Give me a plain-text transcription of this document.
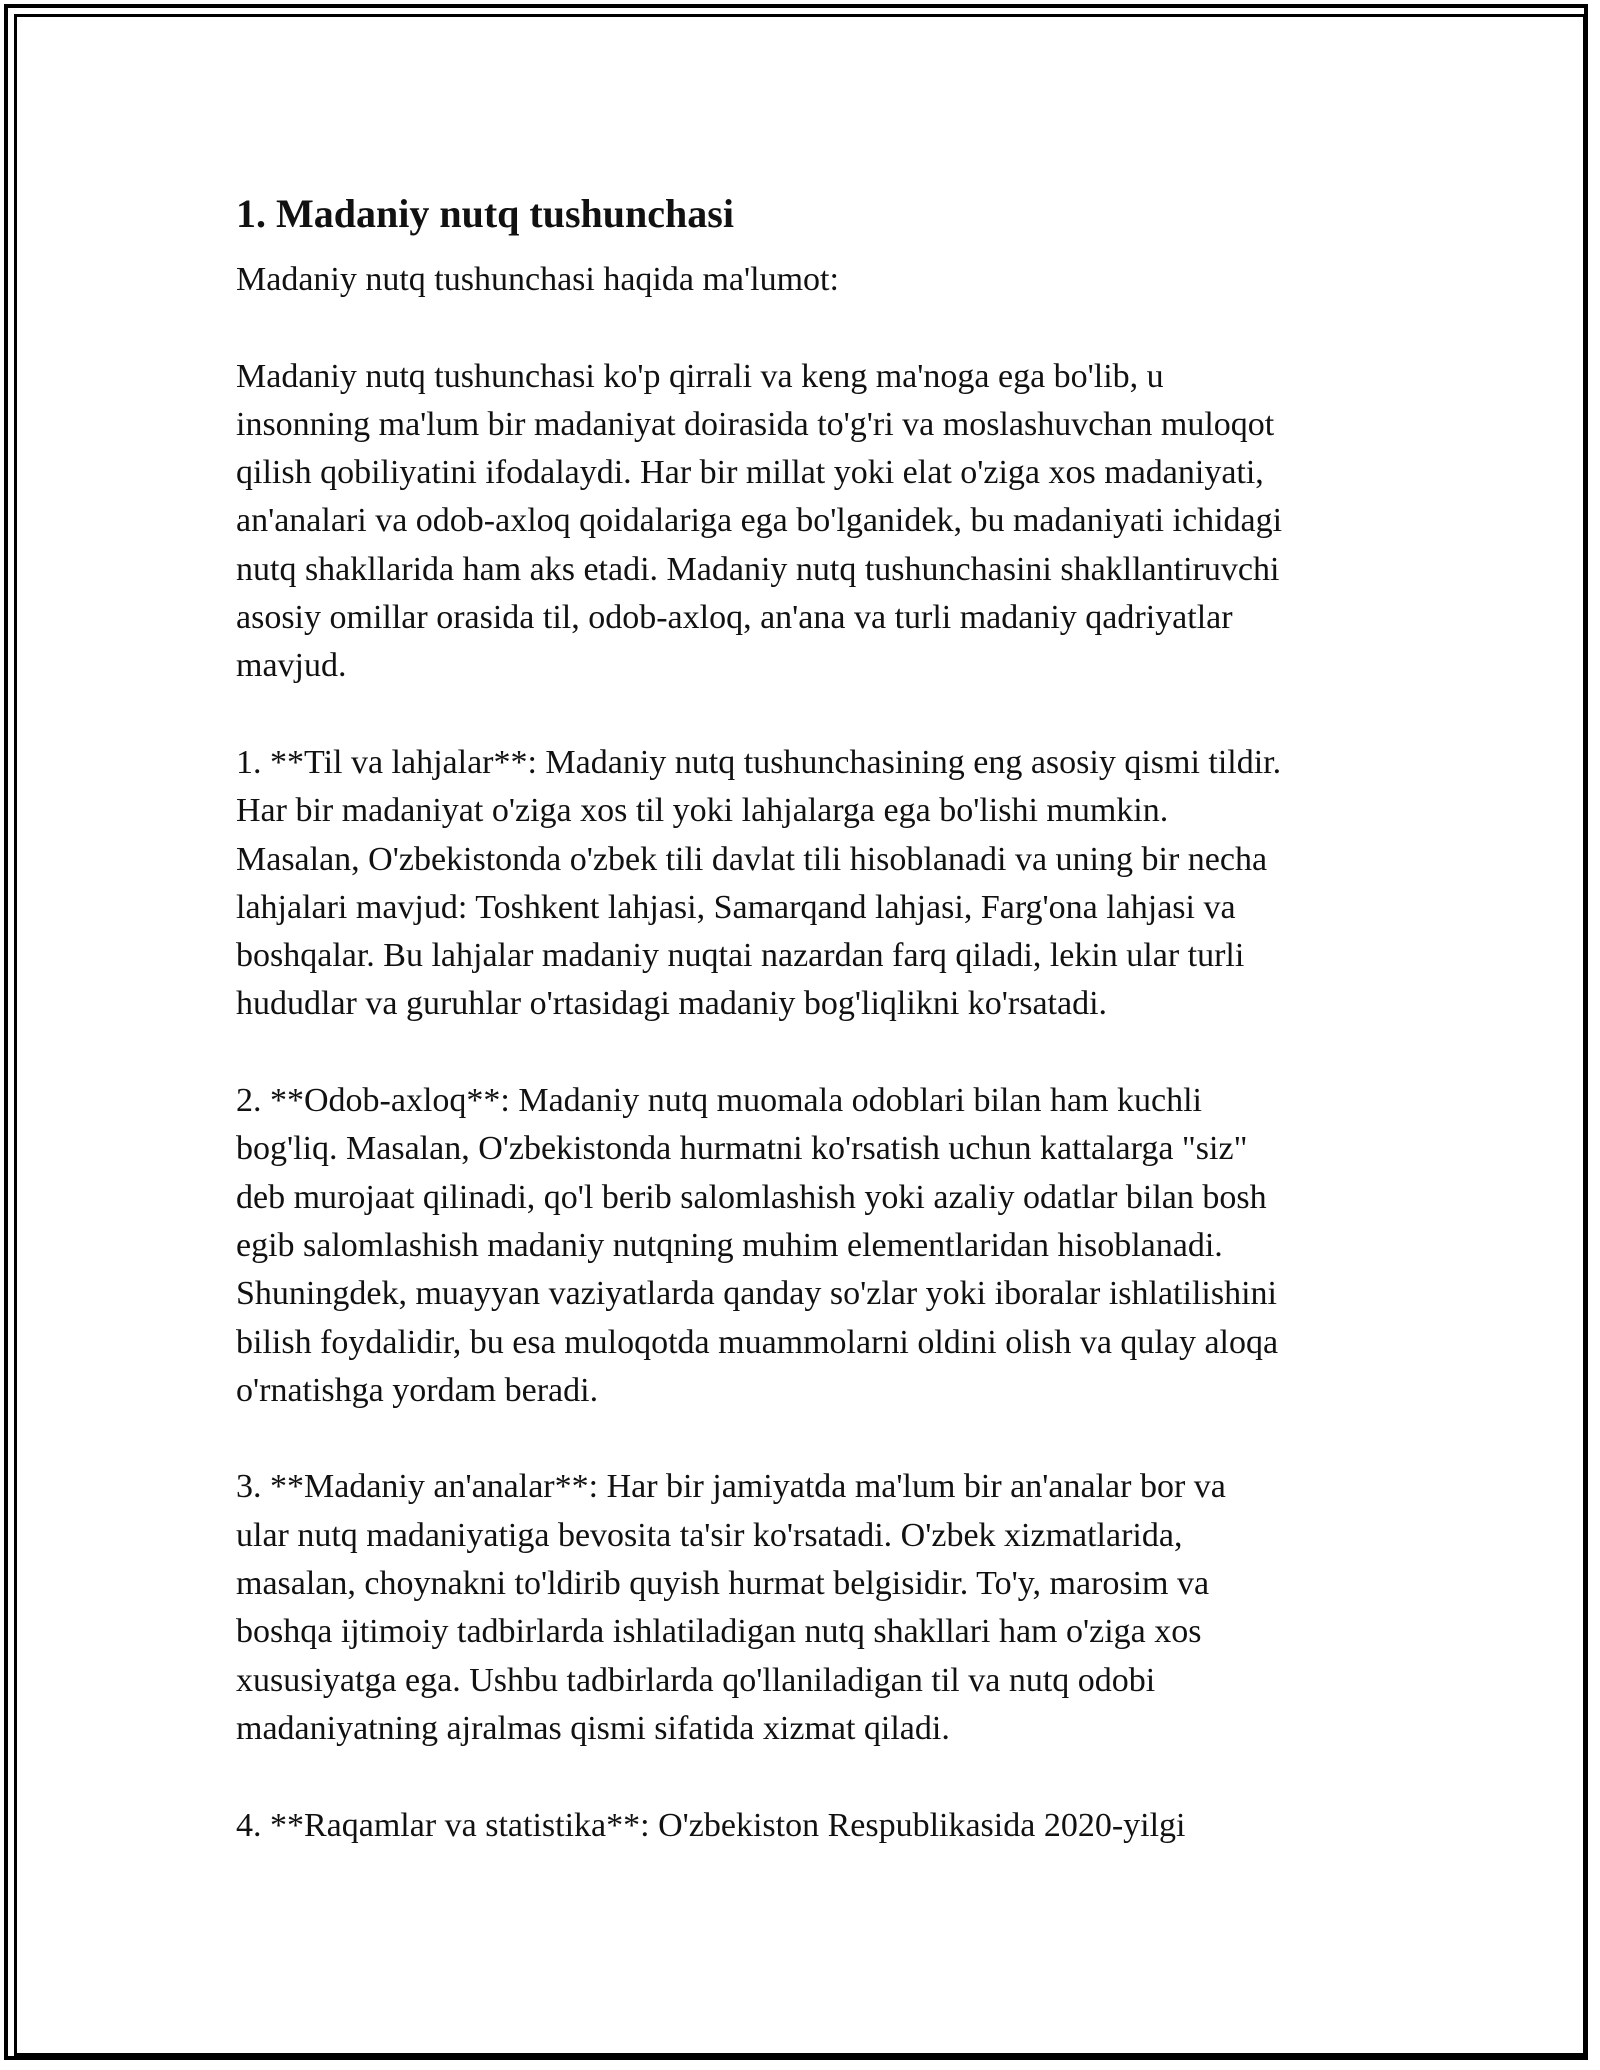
1. Madaniy nutq tushunchasi

Madaniy nutq tushunchasi haqida ma'lumot:

Madaniy nutq tushunchasi ko'p qirrali va keng ma'noga ega bo'lib, u
insonning ma'lum bir madaniyat doirasida to'g'ri va moslashuvchan muloqot
qilish qobiliyatini ifodalaydi. Har bir millat yoki elat o'ziga xos madaniyati,
an'analari va odob-axloq qoidalariga ega bo'lganidek, bu madaniyati ichidagi
nutq shakllarida ham aks etadi. Madaniy nutq tushunchasini shakllantiruvchi
asosiy omillar orasida til, odob-axloq, an'ana va turli madaniy qadriyatlar
mavjud.
1. **Til va lahjalar**: Madaniy nutq tushunchasining eng asosiy qismi tildir.
Har bir madaniyat o'ziga xos til yoki lahjalarga ega bo'lishi mumkin.
Masalan, O'zbekistonda o'zbek tili davlat tili hisoblanadi va uning bir necha
lahjalari mavjud: Toshkent lahjasi, Samarqand lahjasi, Farg'ona lahjasi va
boshqalar. Bu lahjalar madaniy nuqtai nazardan farq qiladi, lekin ular turli
hududlar va guruhlar o'rtasidagi madaniy bog'liqlikni ko'rsatadi.
2. **Odob-axloq**: Madaniy nutq muomala odoblari bilan ham kuchli
bog'liq. Masalan, O'zbekistonda hurmatni ko'rsatish uchun kattalarga "siz"
deb murojaat qilinadi, qo'l berib salomlashish yoki azaliy odatlar bilan bosh
egib salomlashish madaniy nutqning muhim elementlaridan hisoblanadi.
Shuningdek, muayyan vaziyatlarda qanday so'zlar yoki iboralar ishlatilishini
bilish foydalidir, bu esa muloqotda muammolarni oldini olish va qulay aloqa
o'rnatishga yordam beradi.
3. **Madaniy an'analar**: Har bir jamiyatda ma'lum bir an'analar bor va
ular nutq madaniyatiga bevosita ta'sir ko'rsatadi. O'zbek xizmatlarida,
masalan, choynakni to'ldirib quyish hurmat belgisidir. To'y, marosim va
boshqa ijtimoiy tadbirlarda ishlatiladigan nutq shakllari ham o'ziga xos
xususiyatga ega. Ushbu tadbirlarda qo'llaniladigan til va nutq odobi
madaniyatning ajralmas qismi sifatida xizmat qiladi.
4. **Raqamlar va statistika**: O'zbekiston Respublikasida 2020-yilgi
